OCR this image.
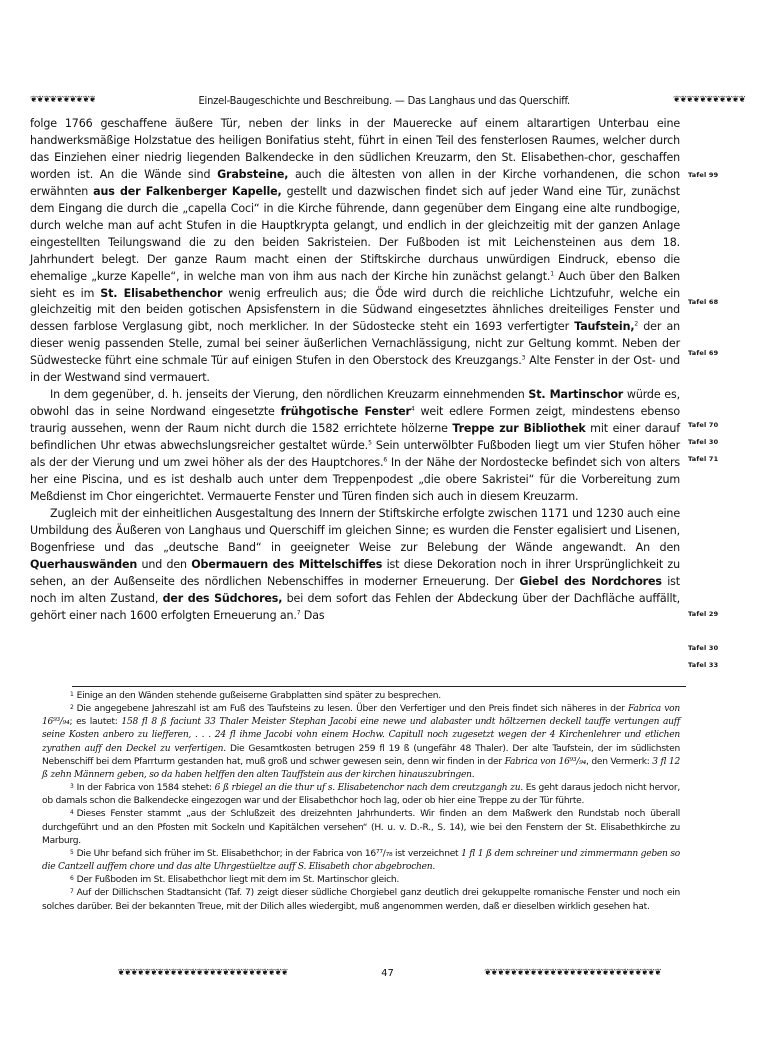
❦❦❦❦❦❦❦❦❦❦	Einzel-Baugeschichte und Beschreibung. — Das Langhaus und das Querschiff.	❦❦❦❦❦❦❦❦❦❦❦

folge 1766 geschaffene äußere Tür, neben der links in der Mauerecke auf einem altarartigen Unterbau eine handwerksmäßige Holzstatue des heiligen Bonifatius steht, führt in einen Teil des fensterlosen Raumes, welcher durch das Einziehen einer niedrig liegenden Balkendecke in den südlichen Kreuzarm, den St. Elisabethen-chor, geschaffen worden ist. An die Wände sind Grabsteine, auch die ältesten von allen in der Kirche vorhandenen, die schon erwähnten aus der Falkenberger Kapelle, gestellt und dazwischen findet sich auf jeder Wand eine Tür, zunächst dem Eingang die durch die „capella Coci“ in die Kirche führende, dann gegenüber dem Eingang eine alte rundbogige, durch welche man auf acht Stufen in die Hauptkrypta gelangt, und endlich in der gleichzeitig mit der ganzen Anlage eingestellten Teilungswand die zu den beiden Sakristeien. Der Fußboden ist mit Leichensteinen aus dem 18. Jahrhundert belegt. Der ganze Raum macht einen der Stiftskirche durchaus unwürdigen Eindruck, ebenso die ehemalige „kurze Kapelle“, in welche man von ihm aus nach der Kirche hin zunächst gelangt.$^1$ Auch über den Balken sieht es im St. Elisabethenchor wenig erfreulich aus; die Öde wird durch die reichliche Lichtzufuhr, welche ein gleichzeitig mit den beiden gotischen Apsisfenstern in die Südwand eingesetztes ähnliches dreiteiliges Fenster und dessen farblose Verglasung gibt, noch merklicher. In der Südostecke steht ein 1693 verfertigter Taufstein,$^2$ der an dieser wenig passenden Stelle, zumal bei seiner äußerlichen Vernachlässigung, nicht zur Geltung kommt. Neben der Südwestecke führt eine schmale Tür auf einigen Stufen in den Oberstock des Kreuzgangs.$^3$ Alte Fenster in der Ost- und in der Westwand sind vermauert.

In dem gegenüber, d. h. jenseits der Vierung, den nördlichen Kreuzarm einnehmenden St. Martinschor würde es, obwohl das in seine Nordwand eingesetzte frühgotische Fenster$^4$ weit edlere Formen zeigt, mindestens ebenso traurig aussehen, wenn der Raum nicht durch die 1582 errichtete hölzerne Treppe zur Bibliothek mit einer darauf befindlichen Uhr etwas abwechslungsreicher gestaltet würde.$^5$ Sein unterwölbter Fußboden liegt um vier Stufen höher als der der Vierung und um zwei höher als der des Hauptchores.$^6$ In der Nähe der Nordostecke befindet sich von alters her eine Piscina, und es ist deshalb auch unter dem Treppenpodest „die obere Sakristei“ für die Vorbereitung zum Meßdienst im Chor eingerichtet. Vermauerte Fenster und Türen finden sich auch in diesem Kreuzarm.

Zugleich mit der einheitlichen Ausgestaltung des Innern der Stiftskirche erfolgte zwischen 1171 und 1230 auch eine Umbildung des Äußeren von Langhaus und Querschiff im gleichen Sinne; es wurden die Fenster egalisiert und Lisenen, Bogenfriese und das „deutsche Band“ in geeigneter Weise zur Belebung der Wände angewandt. An den Querhauswänden und den Obermauern des Mittelschiffes ist diese Dekoration noch in ihrer Ursprünglichkeit zu sehen, an der Außenseite des nördlichen Nebenschiffes in moderner Erneuerung. Der Giebel des Nordchores ist noch im alten Zustand, der des Südchores, bei dem sofort das Fehlen der Abdeckung über der Dachfläche auffällt, gehört einer nach 1600 erfolgten Erneuerung an.$^7$ Das

Tafel 99
Tafel 68
Tafel 69
Tafel 70
Tafel 30
Tafel 71
Tafel 29
Tafel 30
Tafel 33

$^1$ Einige an den Wänden stehende gußeiserne Grabplatten sind später zu besprechen.

$^2$ Die angegebene Jahreszahl ist am Fuß des Taufsteins zu lesen. Über den Verfertiger und den Preis findet sich näheres in der Fabrica von 16⁹³/₉₄; es lautet: 158 fl 8 ß faciunt 33 Thaler Meister Stephan Jacobi eine newe und alabaster undt höltzernen deckell tauffe vertungen auff seine Kosten anbero zu liefferen, . . . 24 fl ihme Jacobi vohn einem Hochw. Capitull noch zugesetzt wegen der 4 Kirchenlehrer und etlichen zyrathen auff den Deckel zu verfertigen. Die Gesamtkosten betrugen 259 fl 19 ß (ungefähr 48 Thaler). Der alte Taufstein, der im südlichsten Nebenschiff bei dem Pfarrturm gestanden hat, muß groß und schwer gewesen sein, denn wir finden in der Fabrica von 16⁹³/₉₄, den Vermerk: 3 fl 12 ß zehn Männern geben, so da haben helffen den alten Tauffstein aus der kirchen hinauszubringen.

$^3$ In der Fabrica von 1584 stehet: 6 ß rbiegel an die thur uf s. Elisabetenchor nach dem creutzgangh zu. Es geht daraus jedoch nicht hervor, ob damals schon die Balkendecke eingezogen war und der Elisabethchor hoch lag, oder ob hier eine Treppe zu der Tür führte.

$^4$ Dieses Fenster stammt „aus der Schlußzeit des dreizehnten Jahrhunderts. Wir finden an dem Maßwerk den Rundstab noch überall durchgeführt und an den Pfosten mit Sockeln und Kapitälchen versehen“ (H. u. v. D.-R., S. 14), wie bei den Fenstern der St. Elisabethkirche zu Marburg.

$^5$ Die Uhr befand sich früher im St. Elisabethchor; in der Fabrica von 16⁷⁷/₇₈ ist verzeichnet 1 fl 1 ß dem schreiner und zimmermann geben so die Cantzell auffem chore und das alte Uhrgestüeltze auff S. Elisabeth chor abgebrochen.

$^6$ Der Fußboden im St. Elisabethchor liegt mit dem im St. Martinschor gleich.

$^7$ Auf der Dillichschen Stadtansicht (Taf. 7) zeigt dieser südliche Chorgiebel ganz deutlich drei gekuppelte romanische Fenster und noch ein solches darüber. Bei der bekannten Treue, mit der Dilich alles wiedergibt, muß angenommen werden, daß er dieselben wirklich gesehen hat.

❦❦❦❦❦❦❦❦❦❦❦❦❦❦❦❦❦❦❦❦❦❦❦❦❦❦	47	❦❦❦❦❦❦❦❦❦❦❦❦❦❦❦❦❦❦❦❦❦❦❦❦❦❦❦
